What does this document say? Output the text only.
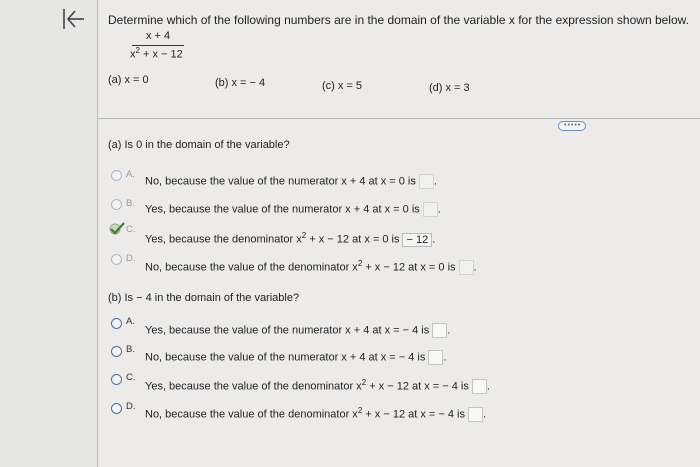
Determine which of the following numbers are in the domain of the variable x for the expression shown below.
x + 4
$x^2 + x - 12$
(a) x = 0	(b) x = − 4	(c) x = 5	(d) x = 3
•••••
(a) Is 0 in the domain of the variable?
A.
No, because the value of the numerator x + 4 at x = 0 is .
B. Yes, because the value of the numerator x + 4 at x = 0 is .
C.
Yes, because the denominator $x^2 + x - 12$ at x = 0 is − 12 .
D.
No, because the value of the denominator $x^2 + x - 12$ at x = 0 is .
(b) Is − 4 in the domain of the variable?
A.
Yes, because the value of the numerator x + 4 at x = − 4 is .
B.
No, because the value of the numerator x + 4 at x = − 4 is .
C.
Yes, because the value of the denominator $x^2 + x - 12$ at x = − 4 is .
D.
No, because the value of the denominator $x^2 + x - 12$ at x = − 4 is .
